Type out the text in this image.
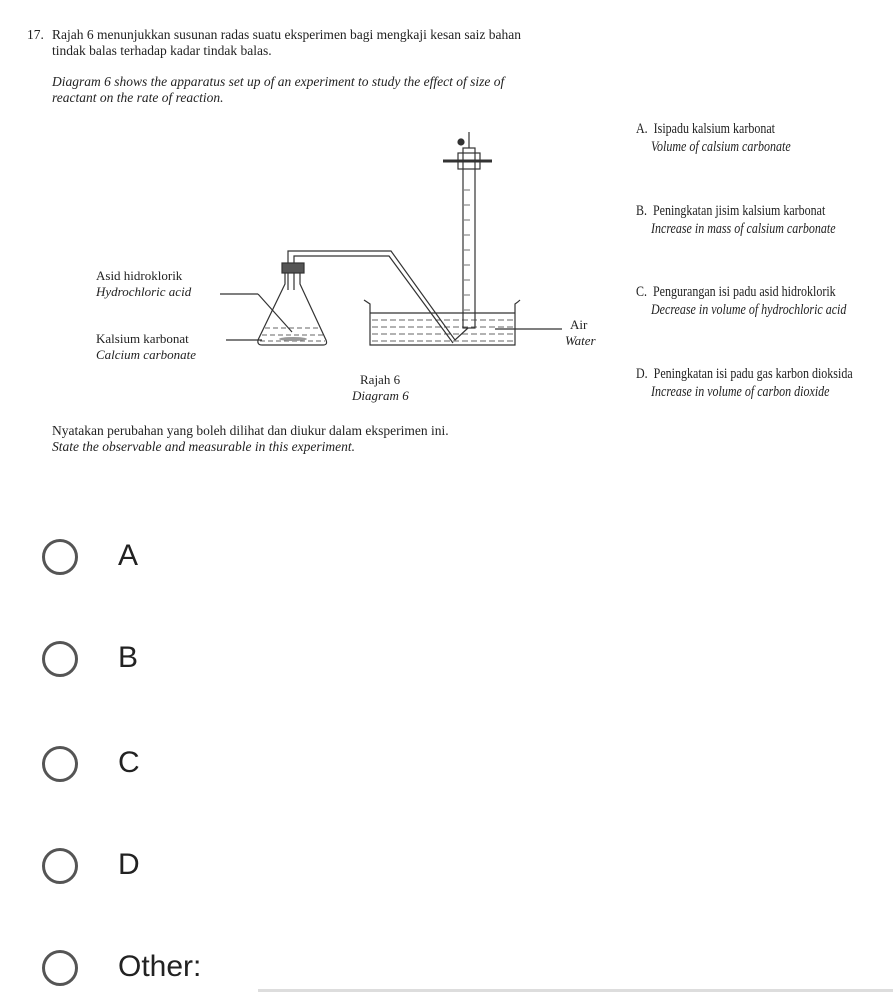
17. Rajah 6 menunjukkan susunan radas suatu eksperimen bagi mengkaji kesan saiz bahan
tindak balas terhadap kadar tindak balas.
Diagram 6 shows the apparatus set up of an experiment to study the effect of size of
reactant on the rate of reaction.
Asid hidroklorik
Hydrochloric acid
Kalsium karbonat
Calcium carbonate
Air
Water
Rajah 6
Diagram 6
A. Isipadu kalsium karbonat
Volume of calsium carbonate
B. Peningkatan jisim kalsium karbonat
Increase in mass of calsium carbonate
C. Pengurangan isi padu asid hidroklorik
Decrease in volume of hydrochloric acid
D. Peningkatan isi padu gas karbon dioksida
Increase in volume of carbon dioxide
Nyatakan perubahan yang boleh dilihat dan diukur dalam eksperimen ini.
State the observable and measurable in this experiment.
A
B
C
D
Other:
